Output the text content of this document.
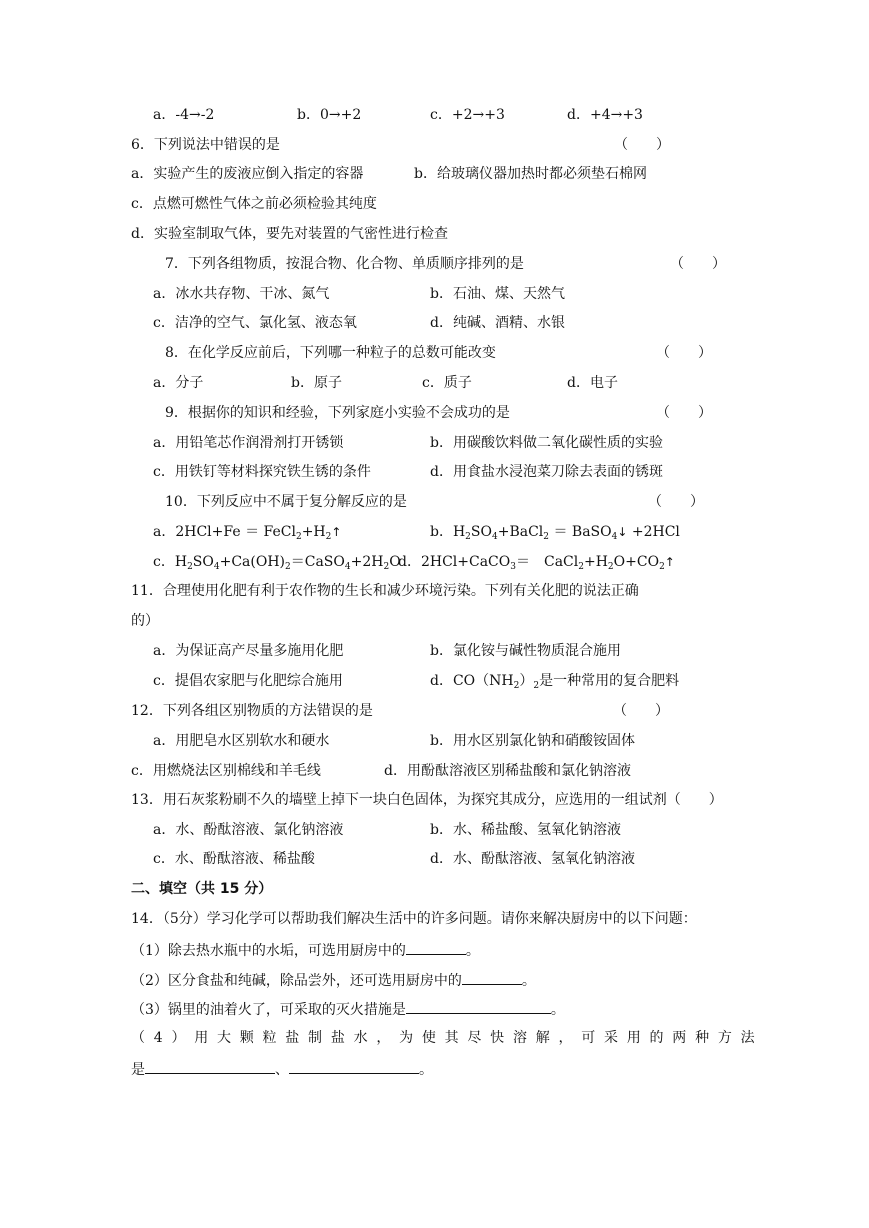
a．-4→-2	b．0→+2	c．+2→+3	d．+4→+3
6．下列说法中错误的是	（　　）
a．实验产生的废液应倒入指定的容器	b．给玻璃仪器加热时都必须垫石棉网
c．点燃可燃性气体之前必须检验其纯度
d．实验室制取气体，要先对装置的气密性进行检查
7．下列各组物质，按混合物、化合物、单质顺序排列的是	（　　）
a．冰水共存物、干冰、氮气	b．石油、煤、天然气
c．洁净的空气、氯化氢、液态氧	d．纯碱、酒精、水银
8．在化学反应前后，下列哪一种粒子的总数可能改变	（　　）
a．分子	b．原子	c．质子	d．电子
9．根据你的知识和经验，下列家庭小实验不会成功的是	（　　）
a．用铅笔芯作润滑剂打开锈锁	b．用碳酸饮料做二氧化碳性质的实验
c．用铁钉等材料探究铁生锈的条件	d．用食盐水浸泡菜刀除去表面的锈斑
10．下列反应中不属于复分解反应的是	（　　）
a．$2HCl+Fe = FeCl_2+H_2↑$	b．$H_2SO_4+BaCl_2$ ＝ BaSO$_4$↓ +2HCl
c．$H_2SO_4+Ca(OH)_2=CaSO_4+2H_2O$
d．2HCl+CaCO$_3$＝　$CaCl_2+H_2O+CO_2↑$
11．合理使用化肥有利于农作物的生长和减少环境污染。下列有关化肥的说法正确
的）
a．为保证高产尽量多施用化肥	b．氯化铵与碱性物质混合施用
c．提倡农家肥与化肥综合施用	d．$CO(NH_2)_2$是一种常用的复合肥料
12．下列各组区别物质的方法错误的是	（　　）
a．用肥皂水区别软水和硬水	b．用水区别氯化钠和硝酸铵固体
c．用燃烧法区别棉线和羊毛线	d．用酚酞溶液区别稀盐酸和氯化钠溶液
13．用石灰浆粉刷不久的墙壁上掉下一块白色固体，为探究其成分，应选用的一组试剂（　　）
a．水、酚酞溶液、氯化钠溶液	b．水、稀盐酸、氢氧化钠溶液
c．水、酚酞溶液、稀盐酸	d．水、酚酞溶液、氢氧化钠溶液
二、填空（共 15 分）
14．（5分）学习化学可以帮助我们解决生活中的许多问题。请你来解决厨房中的以下问题：
（1）除去热水瓶中的水垢，可选用厨房中的	。
（2）区分食盐和纯碱，除品尝外，还可选用厨房中的	。
（3）锅里的油着火了，可采取的灭火措施是	。
（ 4 ） 用 大 颗 粒 盐 制 盐 水 ， 为 使 其 尽 快 溶 解 ， 可 采 用 的 两 种 方 法
是	、	。
